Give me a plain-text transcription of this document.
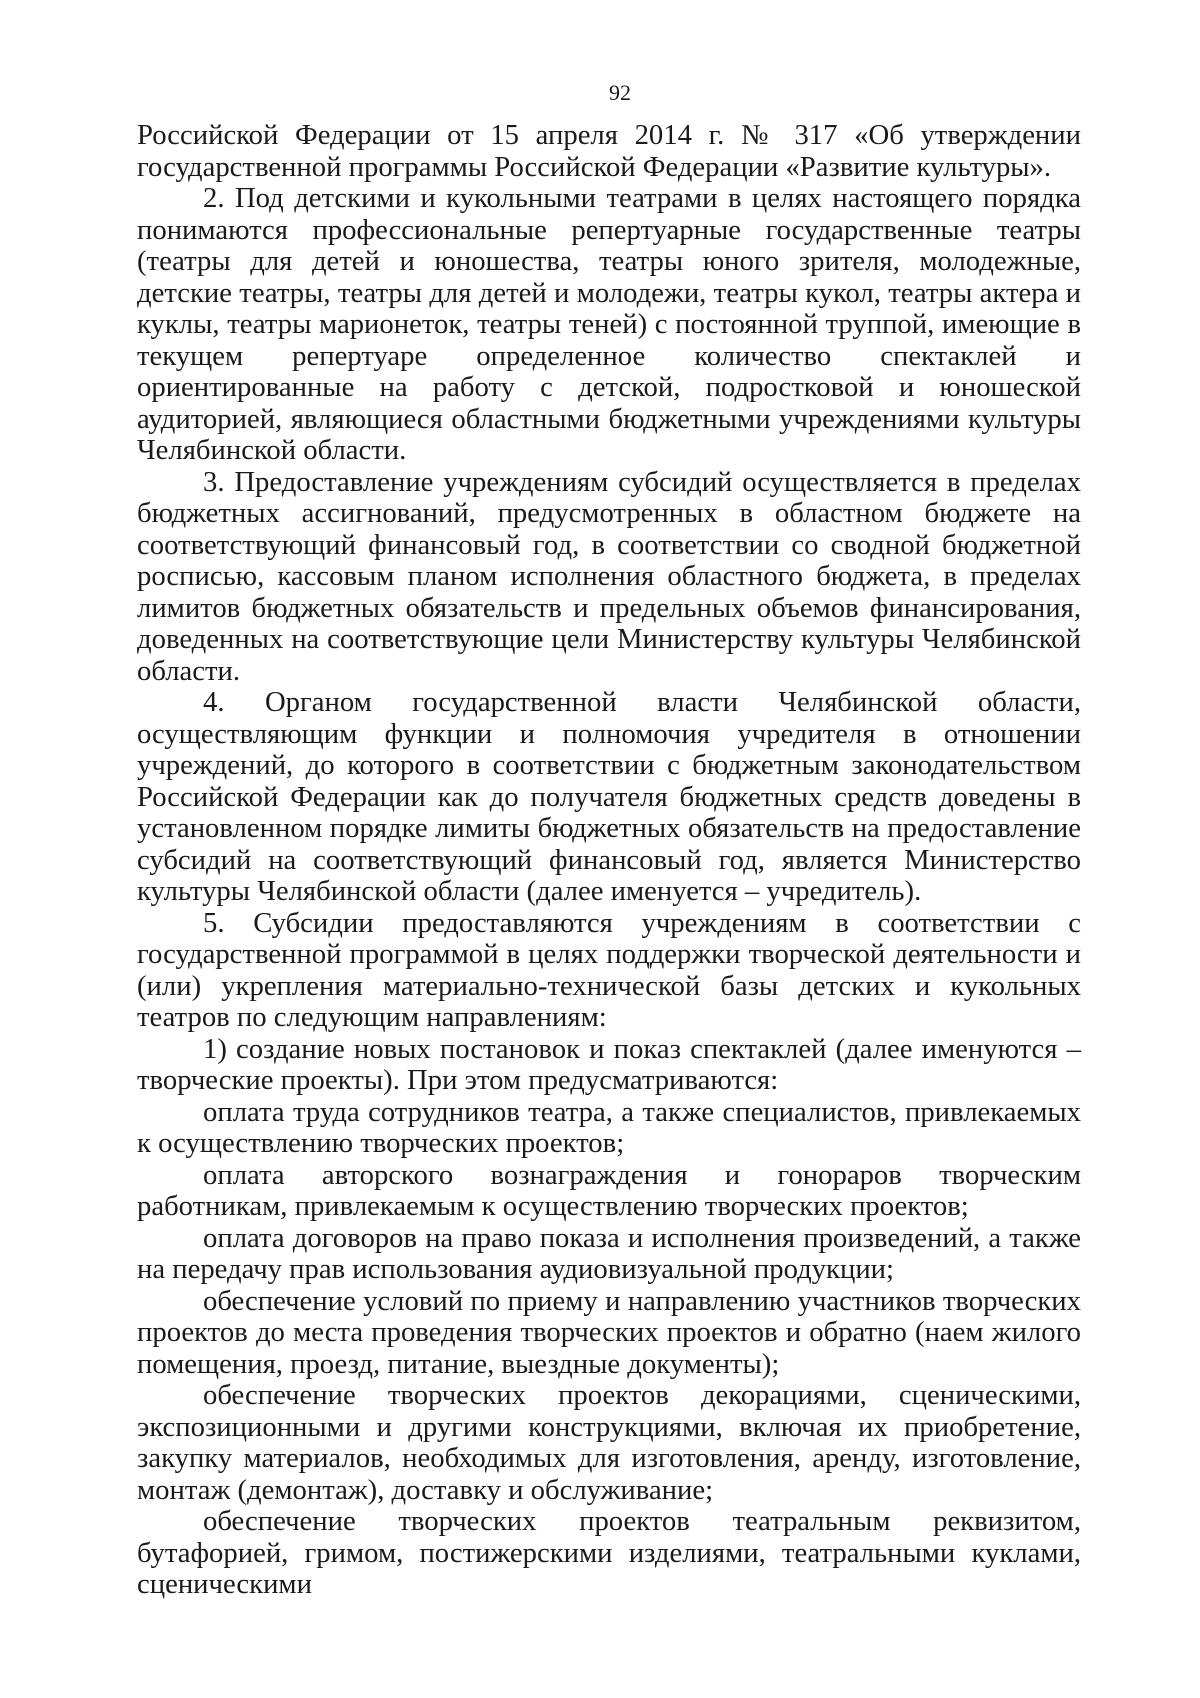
92

Российской Федерации от 15 апреля 2014 г. № 317 «Об утверждении государственной программы Российской Федерации «Развитие культуры».

2. Под детскими и кукольными театрами в целях настоящего порядка понимаются профессиональные репертуарные государственные театры (театры для детей и юношества, театры юного зрителя, молодежные, детские театры, театры для детей и молодежи, театры кукол, театры актера и куклы, театры марионеток, театры теней) с постоянной труппой, имеющие в текущем репертуаре определенное количество спектаклей и ориентированные на работу с детской, подростковой и юношеской аудиторией, являющиеся областными бюджетными учреждениями культуры Челябинской области.

3. Предоставление учреждениям субсидий осуществляется в пределах бюджетных ассигнований, предусмотренных в областном бюджете на соответствующий финансовый год, в соответствии со сводной бюджетной росписью, кассовым планом исполнения областного бюджета, в пределах лимитов бюджетных обязательств и предельных объемов финансирования, доведенных на соответствующие цели Министерству культуры Челябинской области.

4. Органом государственной власти Челябинской области, осуществляющим функции и полномочия учредителя в отношении учреждений, до которого в соответствии с бюджетным законодательством Российской Федерации как до получателя бюджетных средств доведены в установленном порядке лимиты бюджетных обязательств на предоставление субсидий на соответствующий финансовый год, является Министерство культуры Челябинской области (далее именуется – учредитель).

5. Субсидии предоставляются учреждениям в соответствии с государственной программой в целях поддержки творческой деятельности и (или) укрепления материально-технической базы детских и кукольных театров по следующим направлениям:

1) создание новых постановок и показ спектаклей (далее именуются – творческие проекты). При этом предусматриваются:

оплата труда сотрудников театра, а также специалистов, привлекаемых к осуществлению творческих проектов;

оплата авторского вознаграждения и гонораров творческим работникам, привлекаемым к осуществлению творческих проектов;

оплата договоров на право показа и исполнения произведений, а также на передачу прав использования аудиовизуальной продукции;

обеспечение условий по приему и направлению участников творческих проектов до места проведения творческих проектов и обратно (наем жилого помещения, проезд, питание, выездные документы);

обеспечение творческих проектов декорациями, сценическими, экспозиционными и другими конструкциями, включая их приобретение, закупку материалов, необходимых для изготовления, аренду, изготовление, монтаж (демонтаж), доставку и обслуживание;

обеспечение творческих проектов театральным реквизитом, бутафорией, гримом, постижерскими изделиями, театральными куклами, сценическими
